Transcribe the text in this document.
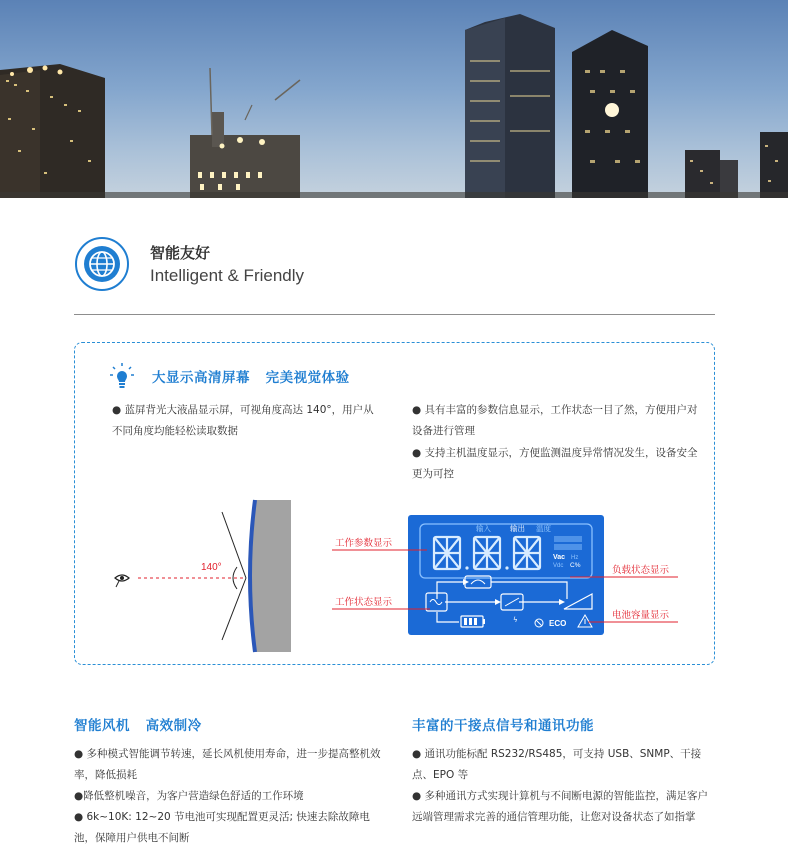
智能友好
Intelligent & Friendly
大显示高清屏幕   完美视觉体验
● 蓝屏背光大液晶显示屏，可视角度高达 140°，用户从不同角度均能轻松读取数据
● 具有丰富的参数信息显示，工作状态一目了然，方便用户对设备进行管理
● 支持主机温度显示，方便监测温度异常情况发生，设备安全更为可控
140°
输入	输出 温度
Vac Hz
Vdc C%
ECO
ϟ
工作参数显示
工作状态显示
负载状态显示
电池容量显示
智能风机   高效制冷
● 多种模式智能调节转速，延长风机使用寿命，进一步提高整机效率，降低损耗
●降低整机噪音，为客户营造绿色舒适的工作环境
● 6k~10K: 12~20 节电池可实现配置更灵活; 快速去除故障电池，保障用户供电不间断
丰富的干接点信号和通讯功能
● 通讯功能标配 RS232/RS485，可支持 USB、SNMP、干接点、EPO 等
● 多种通讯方式实现计算机与不间断电源的智能监控，满足客户远端管理需求完善的通信管理功能，让您对设备状态了如指掌
